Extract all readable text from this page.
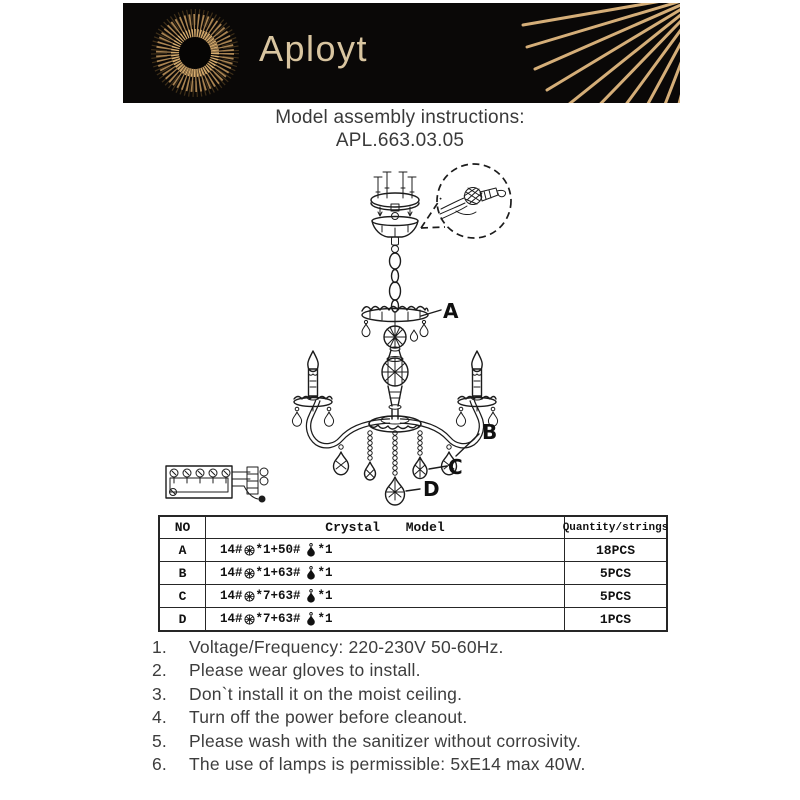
Aployt
Model assembly instructions:
APL.663.03.05
A
B
C
D
NO	Crystal Model	Quantity/strings
A	14# *1+50# *1	18PCS
B	14# *1+63# *1	5PCS
C	14# *7+63# *1	5PCS
D	14# *7+63# *1	1PCS
1.	Voltage/Frequency: 220-230V 50-60Hz.
2.	Please wear gloves to install.
3.	Don`t install it on the moist ceiling.
4.	Turn off the power before cleanout.
5.	Please wash with the sanitizer without corrosivity.
6.	The use of lamps is permissible: 5xE14 max 40W.
